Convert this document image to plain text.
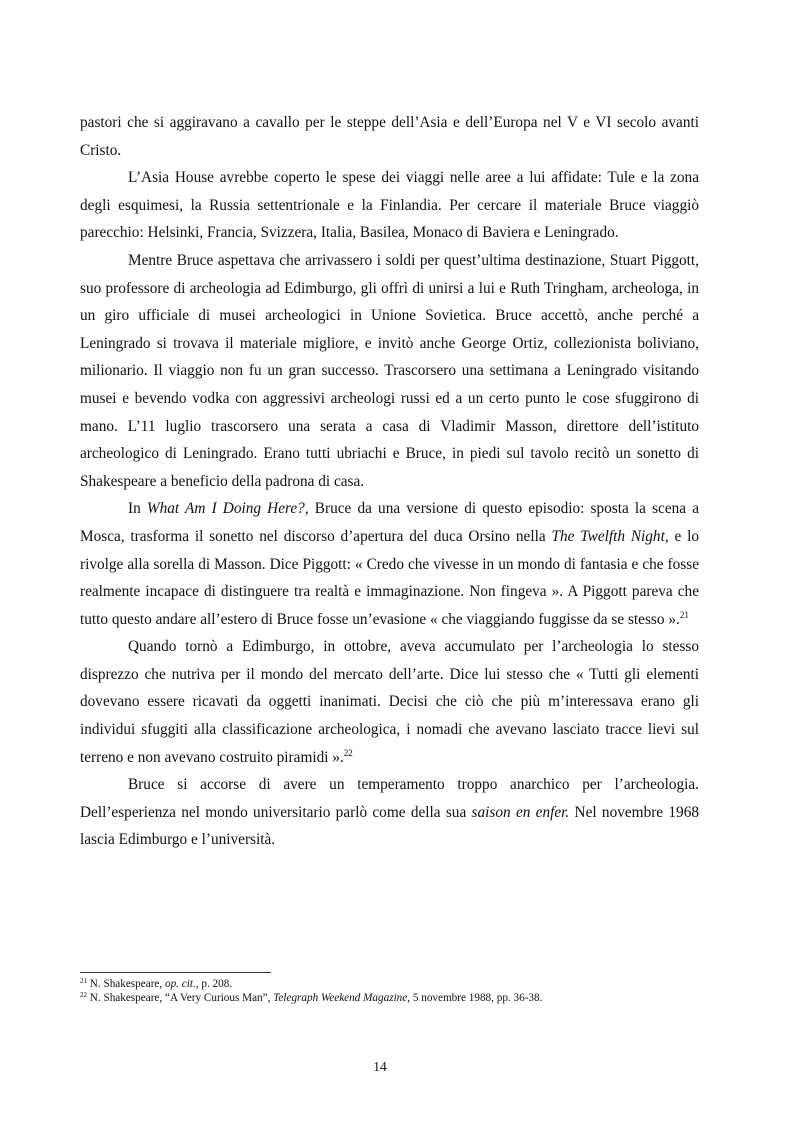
pastori che si aggiravano a cavallo per le steppe dell’Asia e dell’Europa nel V e VI secolo avanti Cristo.

L’Asia House avrebbe coperto le spese dei viaggi nelle aree a lui affidate: Tule e la zona degli esquimesi, la Russia settentrionale e la Finlandia. Per cercare il materiale Bruce viaggiò parecchio: Helsinki, Francia, Svizzera, Italia, Basilea, Monaco di Baviera e Leningrado.

Mentre Bruce aspettava che arrivassero i soldi per quest’ultima destinazione, Stuart Piggott, suo professore di archeologia ad Edimburgo, gli offrì di unirsi a lui e Ruth Tringham, archeologa, in un giro ufficiale di musei archeologici in Unione Sovietica. Bruce accettò, anche perché a Leningrado si trovava il materiale migliore, e invitò anche George Ortiz, collezionista boliviano, milionario. Il viaggio non fu un gran successo. Trascorsero una settimana a Leningrado visitando musei e bevendo vodka con aggressivi archeologi russi ed a un certo punto le cose sfuggirono di mano. L’11 luglio trascorsero una serata a casa di Vladimir Masson, direttore dell’istituto archeologico di Leningrado. Erano tutti ubriachi e Bruce, in piedi sul tavolo recitò un sonetto di Shakespeare a beneficio della padrona di casa.

In What Am I Doing Here?, Bruce da una versione di questo episodio: sposta la scena a Mosca, trasforma il sonetto nel discorso d’apertura del duca Orsino nella The Twelfth Night, e lo rivolge alla sorella di Masson. Dice Piggott: « Credo che vivesse in un mondo di fantasia e che fosse realmente incapace di distinguere tra realtà e immaginazione. Non fingeva ». A Piggott pareva che tutto questo andare all’estero di Bruce fosse un’evasione « che viaggiando fuggisse da se stesso ».$^{21}$

Quando tornò a Edimburgo, in ottobre, aveva accumulato per l’archeologia lo stesso disprezzo che nutriva per il mondo del mercato dell’arte. Dice lui stesso che « Tutti gli elementi dovevano essere ricavati da oggetti inanimati. Decisi che ciò che più m’interessava erano gli individui sfuggiti alla classificazione archeologica, i nomadi che avevano lasciato tracce lievi sul terreno e non avevano costruito piramidi ».$^{22}$

Bruce si accorse di avere un temperamento troppo anarchico per l’archeologia. Dell’esperienza nel mondo universitario parlò come della sua saison en enfer. Nel novembre 1968 lascia Edimburgo e l’università.

$^{21}$ N. Shakespeare, op. cit., p. 208.
$^{22}$ N. Shakespeare, “A Very Curious Man”, Telegraph Weekend Magazine, 5 novembre 1988, pp. 36-38.
14
